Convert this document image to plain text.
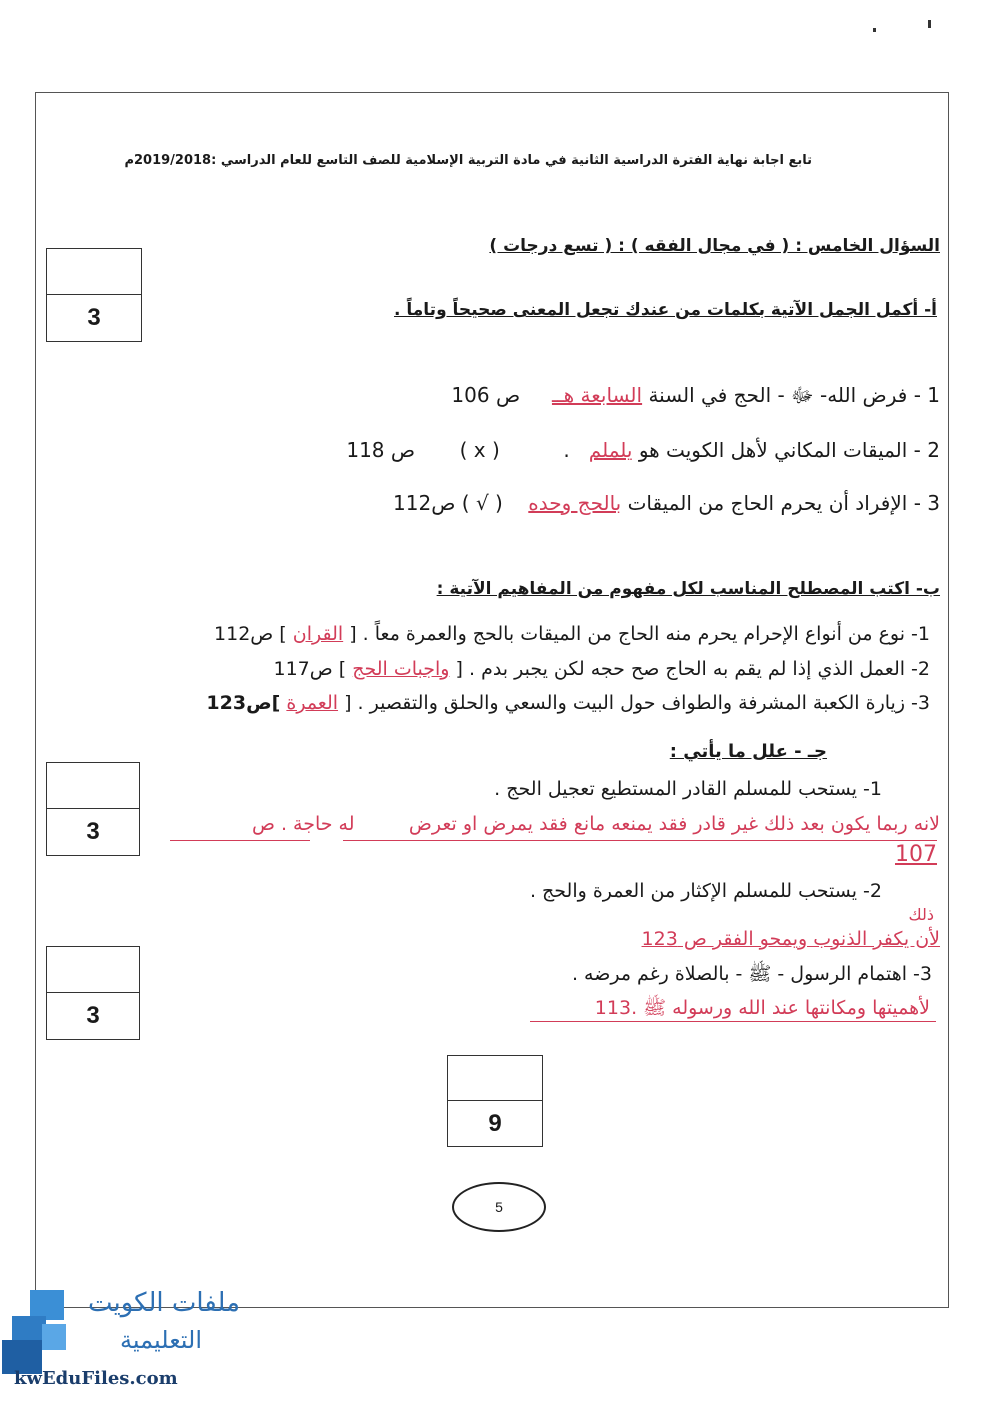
تابع اجابة نهاية الفترة الدراسية الثانية في مادة التربية الإسلامية للصف التاسع للعام الدراسي :2019/2018م
السؤال الخامس : ( في مجال الفقه ) : ( تسع درجات )
3	أ- أكمل الجمل الآتية بكلمات من عندك تجعل المعنى صحيحاً وتاماً .
1 - فرض الله- ﷻ - الحج في السنة السابعة هــ     ص 106
2 - الميقات المكاني لأهل الكويت هو يلملم   .          ( x )       118 ص
3 - الإفراد أن يحرم الحاج من الميقات بالحج وحده    ( √ ) ص112
ب- اكتب المصطلح المناسب لكل مفهوم من المفاهيم الآتية :
1- نوع من أنواع الإحرام يحرم منه الحاج من الميقات بالحج والعمرة معاً . [ القران ] ص112
2- العمل الذي إذا لم يقم به الحاج صح حجه لكن يجبر بدم . [ واجبات الحج ] ص117
3- زيارة الكعبة المشرفة والطواف حول البيت والسعي والحلق والتقصير . [ العمرة ]ص123
3
جـ - علل ما يأتي :
1- يستحب للمسلم القادر المستطيع تعجيل الحج .
لانه ربما يكون بعد ذلك غير قادر فقد يمنعه مانع فقد يمرض او تعرض         له حاجة . ص
107
2- يستحب للمسلم الإكثار من العمرة والحج .
ذلك
لأن يكفر الذنوب ويمحو الفقر ص 123
3
3- اهتمام الرسول - ﷺ - بالصلاة رغم مرضه .
لأهميتها ومكانتها عند الله ورسوله ﷺ .113
9
5
ملفات الكويت
التعليمية
kwEduFiles.com
